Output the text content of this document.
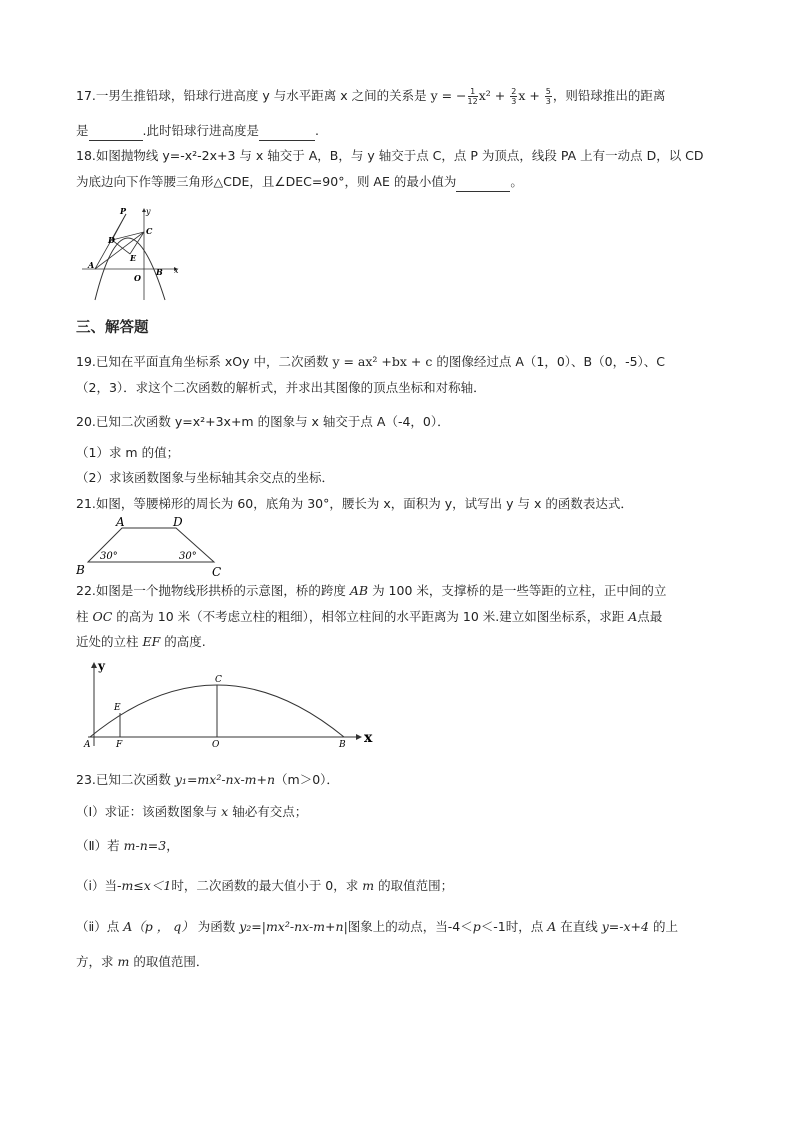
17.一男生推铅球，铅球行进高度 y 与水平距离 x 之间的关系是 y = − $\frac{1}{12} x^2 + \frac{2}{3}$ $x + \frac{5}{3}$ ，则铅球推出的距离
是	.此时铅球行进高度是	.
18.如图抛物线 y=-x²-2x+3 与 x 轴交于 A，B，与 y 轴交于点 C，点 P 为顶点，线段 PA 上有一动点 D，以 CD
为底边向下作等腰三角形△CDE，且∠DEC=90°，则 AE 的最小值为	。
P y
C
D
E
A
O
B x
三、解答题
19.已知在平面直角坐标系 xOy 中，二次函数 y = ax² +bx + c 的图像经过点 A（1，0）、B（0，-5）、C
（2，3）．求这个二次函数的解析式，并求出其图像的顶点坐标和对称轴．
20.已知二次函数 y=x²+3x+m 的图象与 x 轴交于点 A（-4，0）．
（1）求 m 的值；
（2）求该函数图象与坐标轴其余交点的坐标．
21.如图，等腰梯形的周长为 60，底角为 30°，腰长为 x，面积为 y，试写出 y 与 x 的函数表达式．
A	D
B	C
30°	30°
22.如图是一个抛物线形拱桥的示意图，桥的跨度 AB 为 100 米，支撑桥的是一些等距的立柱，正中间的立
柱 OC 的高为 10 米（不考虑立柱的粗细），相邻立柱间的水平距离为 10 米.建立如图坐标系，求距 A点最
近处的立柱 EF 的高度.
y
x
C
E
A	F	O	B
23.已知二次函数 y₁=mx²-nx-m+n（m＞0）．
（Ⅰ）求证：该函数图象与 x 轴必有交点；
（Ⅱ）若 m-n=3，
（ⅰ）当-m≤x＜1时，二次函数的最大值小于 0，求 m 的取值范围；
（ⅱ）点 A（p ， q） 为函数 y₂=|mx²-nx-m+n|图象上的动点，当-4＜p＜-1时，点 A 在直线 y=-x+4 的上
方，求 m 的取值范围．
